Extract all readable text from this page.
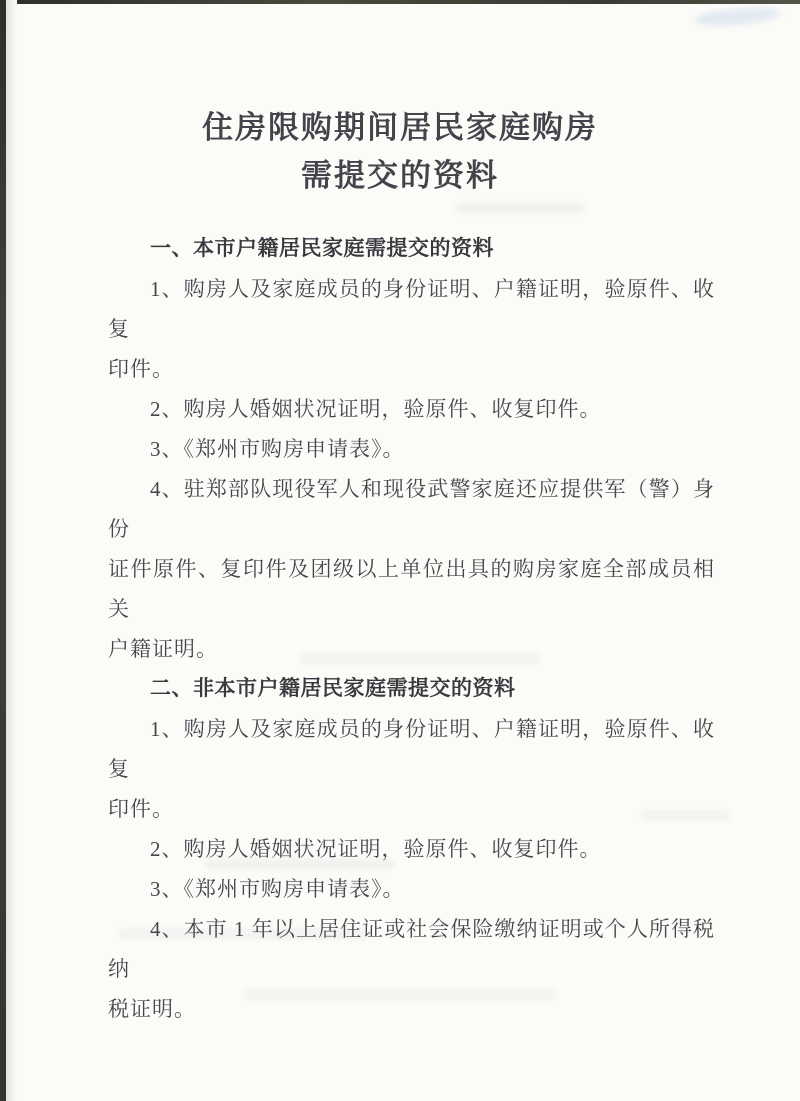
住房限购期间居民家庭购房
需提交的资料
一、本市户籍居民家庭需提交的资料
1、购房人及家庭成员的身份证明、户籍证明，验原件、收复
印件。
2、购房人婚姻状况证明，验原件、收复印件。
3、《郑州市购房申请表》。
4、驻郑部队现役军人和现役武警家庭还应提供军（警）身份
证件原件、复印件及团级以上单位出具的购房家庭全部成员相关
户籍证明。
二、非本市户籍居民家庭需提交的资料
1、购房人及家庭成员的身份证明、户籍证明，验原件、收复
印件。
2、购房人婚姻状况证明，验原件、收复印件。
3、《郑州市购房申请表》。
4、本市 1 年以上居住证或社会保险缴纳证明或个人所得税纳
税证明。
